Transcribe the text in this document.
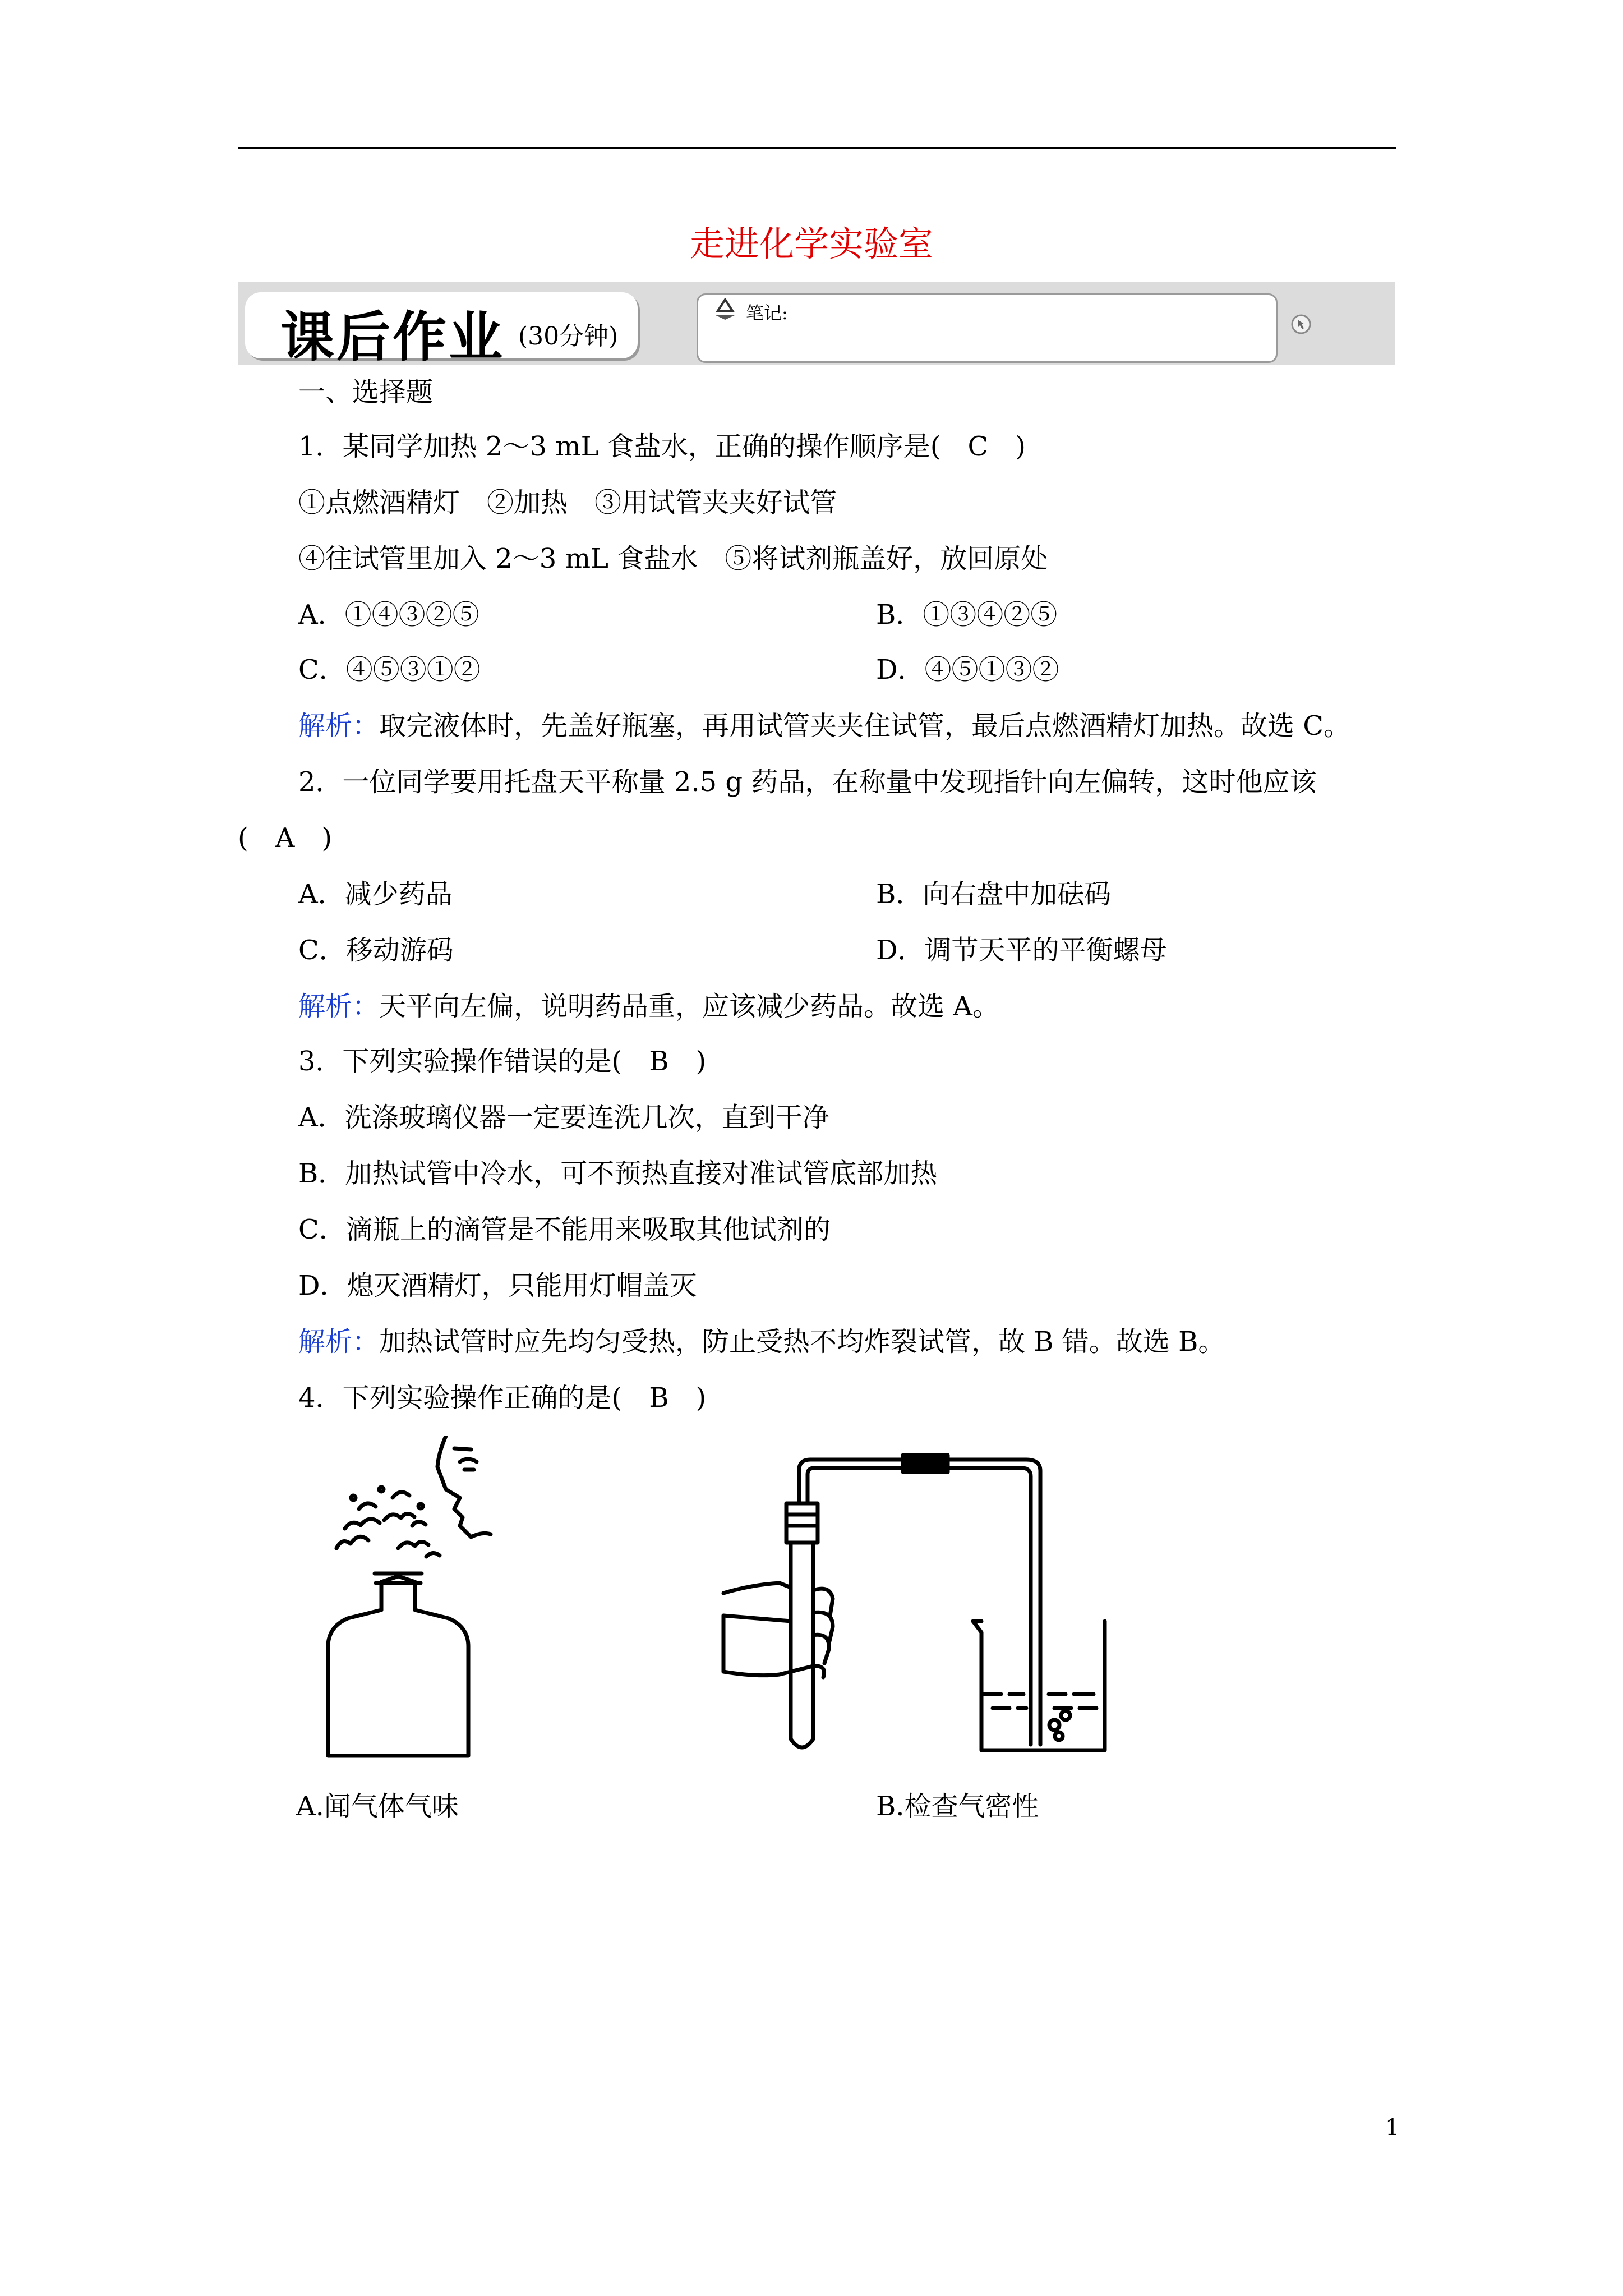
走进化学实验室
课后作业 (30分钟)
笔记:
一、选择题
1．某同学加热 2～3 mL 食盐水，正确的操作顺序是(　C　)
①点燃酒精灯　②加热　③用试管夹夹好试管
④往试管里加入 2～3 mL 食盐水　⑤将试剂瓶盖好，放回原处
A．①④③②⑤	B．①③④②⑤
C．④⑤③①②	D．④⑤①③②
解析：取完液体时，先盖好瓶塞，再用试管夹夹住试管，最后点燃酒精灯加热。故选 C。
2．一位同学要用托盘天平称量 2.5 g 药品，在称量中发现指针向左偏转，这时他应该
(　A　)
A．减少药品	B．向右盘中加砝码
C．移动游码	D．调节天平的平衡螺母
解析：天平向左偏，说明药品重，应该减少药品。故选 A。
3．下列实验操作错误的是(　B　)
A．洗涤玻璃仪器一定要连洗几次，直到干净
B．加热试管中冷水，可不预热直接对准试管底部加热
C．滴瓶上的滴管是不能用来吸取其他试剂的
D．熄灭酒精灯，只能用灯帽盖灭
解析：加热试管时应先均匀受热，防止受热不均炸裂试管，故 B 错。故选 B。
4．下列实验操作正确的是(　B　)
A.闻气体气味	B.检查气密性
1
